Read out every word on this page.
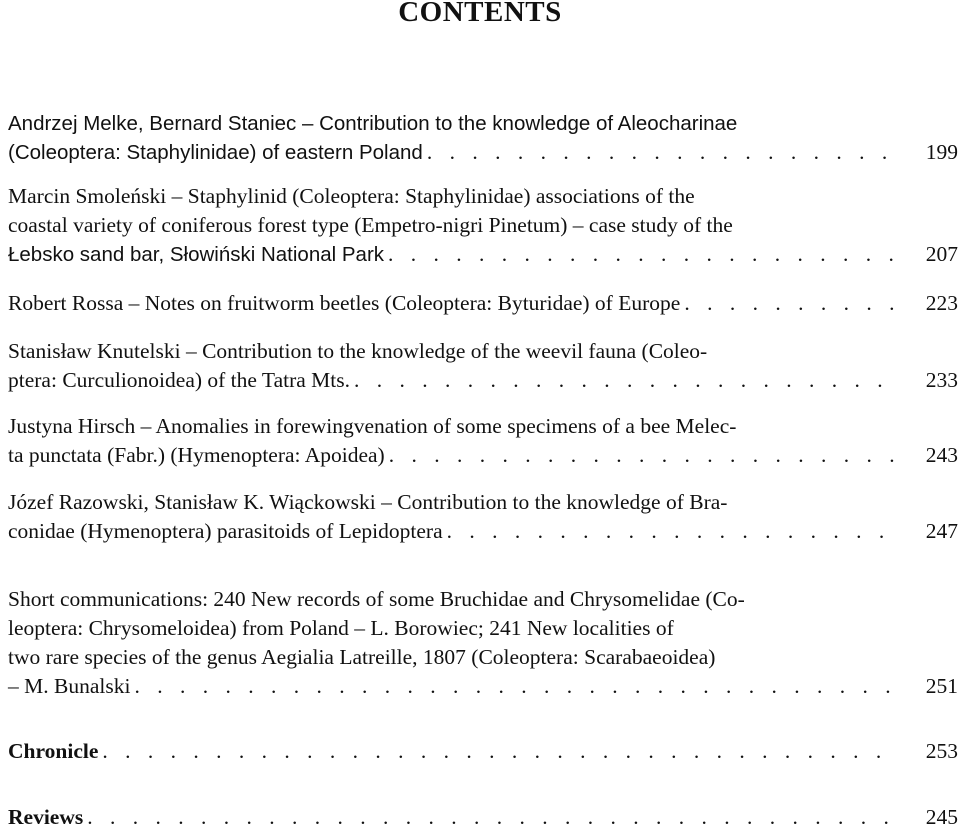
CONTENTS
Andrzej Melke, Bernard Staniec – Contribution to the knowledge of Aleocharinae
(Coleoptera: Staphylinidae) of eastern Poland . . .	199
Marcin Smoleński – Staphylinid (Coleoptera: Staphylinidae) associations of the
coastal variety of coniferous forest type (Empetro-nigri Pinetum) – case study of the
Łebsko sand bar, Słowiński National Park . . .	207
Robert Rossa – Notes on fruitworm beetles (Coleoptera: Byturidae) of Europe . . .	223
Stanisław Knutelski – Contribution to the knowledge of the weevil fauna (Coleo-
ptera: Curculionoidea) of the Tatra Mts. . . .	233
Justyna Hirsch – Anomalies in forewingvenation of some specimens of a bee Melec-
ta punctata (Fabr.) (Hymenoptera: Apoidea) . . .	243
Józef Razowski, Stanisław K. Wiąckowski – Contribution to the knowledge of Bra-
conidae (Hymenoptera) parasitoids of Lepidoptera . . .	247
Short communications: 240 New records of some Bruchidae and Chrysomelidae (Co-
leoptera: Chrysomeloidea) from Poland – L. Borowiec; 241 New localities of
two rare species of the genus Aegialia Latreille, 1807 (Coleoptera: Scarabaeoidea)
– M. Bunalski . . .	251
Chronicle . . .	253
Reviews . . .	245
